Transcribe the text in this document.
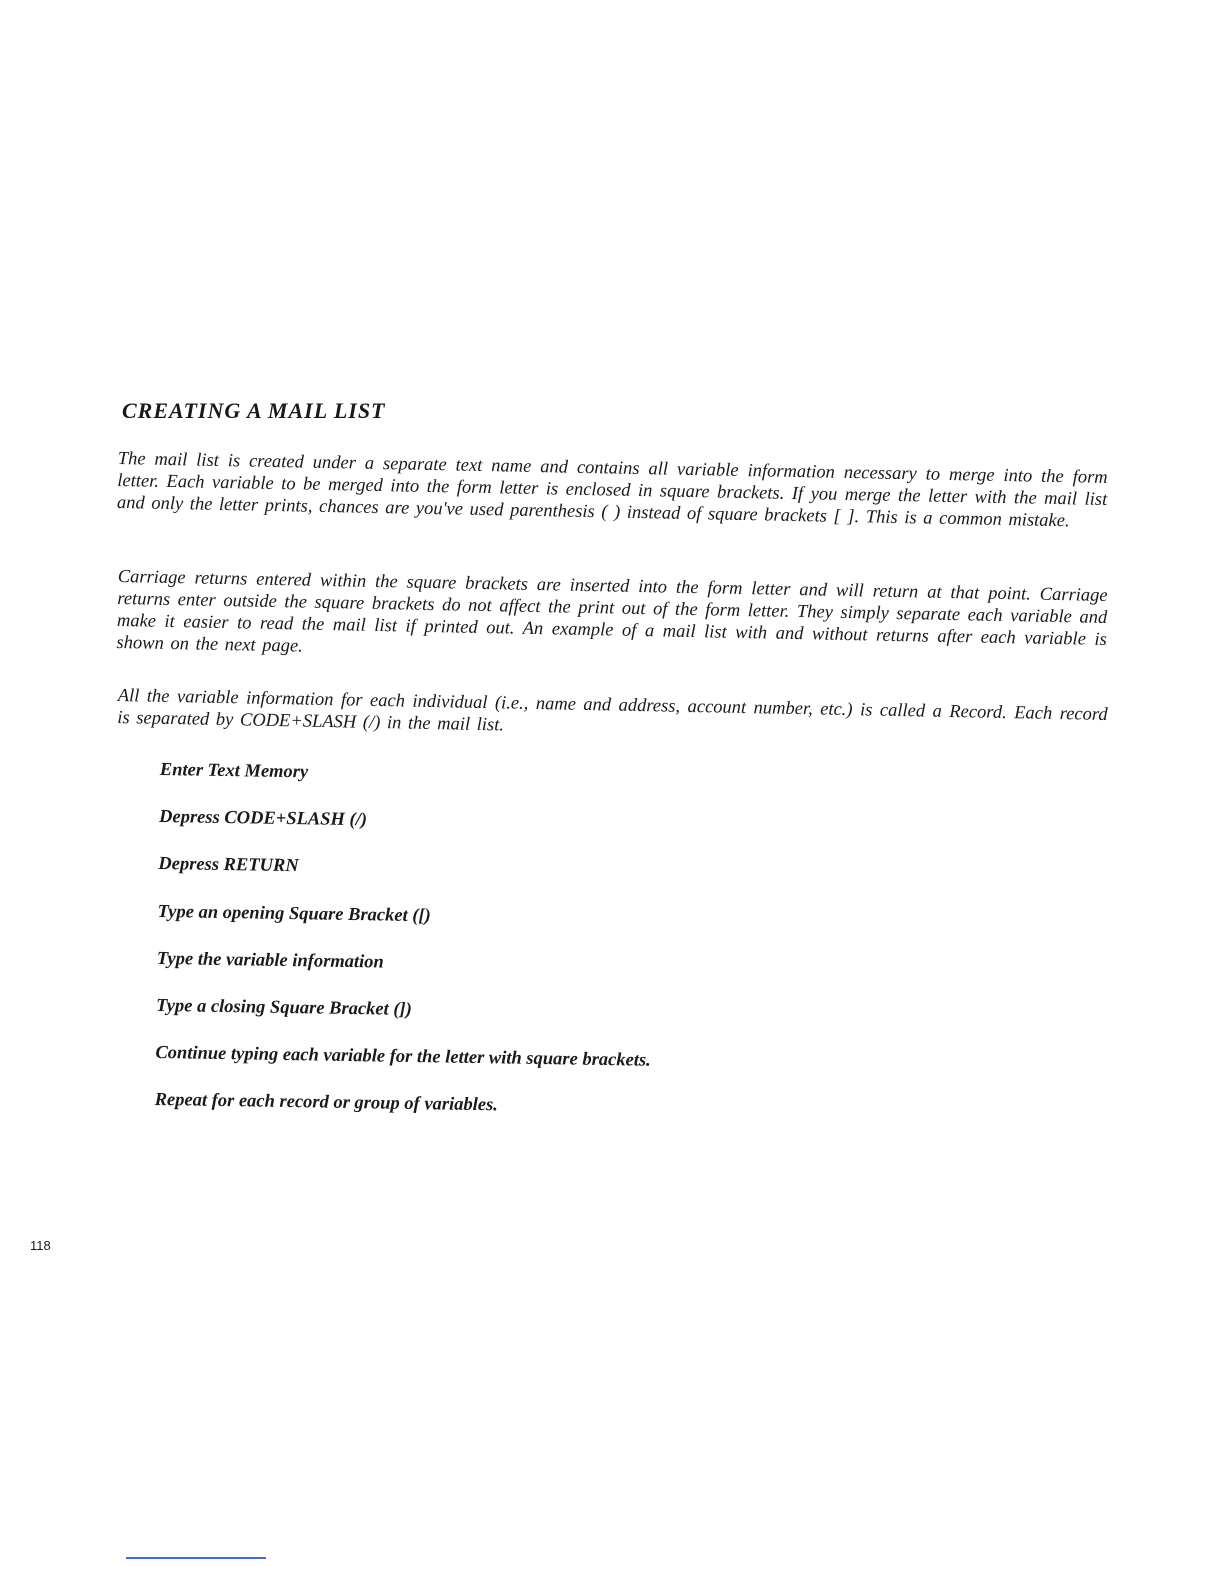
CREATING A MAIL LIST

The mail list is created under a separate text name and contains all variable information necessary to merge into the form letter. Each variable to be merged into the form letter is enclosed in square brackets. If you merge the letter with the mail list and only the letter prints, chances are you've used parenthesis ( ) instead of square brackets [ ]. This is a common mistake.

Carriage returns entered within the square brackets are inserted into the form letter and will return at that point. Carriage returns enter outside the square brackets do not affect the print out of the form letter. They simply separate each variable and make it easier to read the mail list if printed out. An example of a mail list with and without returns after each variable is shown on the next page.

All the variable information for each individual (i.e., name and address, account number, etc.) is called a Record. Each record is separated by CODE+SLASH (/) in the mail list.

Enter Text Memory

Depress CODE+SLASH (/)

Depress RETURN

Type an opening Square Bracket ([)

Type the variable information

Type a closing Square Bracket (])

Continue typing each variable for the letter with square brackets.

Repeat for each record or group of variables.

118
